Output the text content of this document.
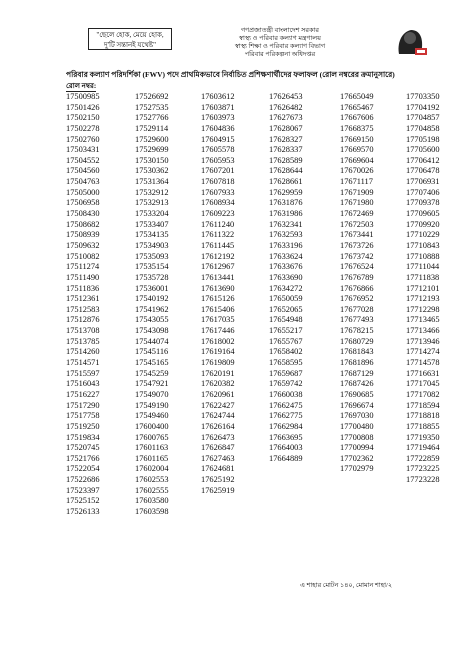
"ছেলে হোক, মেয়ে হোক,
দু'টি সন্তানই যথেষ্ট"
গণপ্রজাতন্ত্রী বাংলাদেশ সরকার
স্বাস্থ্য ও পরিবার কল্যাণ মন্ত্রণালয়
স্বাস্থ্য শিক্ষা ও পরিবার কল্যাণ বিভাগ
পরিবার পরিকল্পনা অধিদপ্তর
পরিবার কল্যাণ পরিদর্শিকা (FWV) পদে প্রাথমিকভাবে নির্বাচিত প্রশিক্ষণার্থীদের ফলাফল (রোল নম্বরের ক্রমানুসারে)
রোল নম্বর:
17500985
17501426
17502150
17502278
17502760
17503431
17504552
17504560
17504763
17505000
17506958
17508430
17508682
17508939
17509632
17510082
17511274
17511490
17511836
17512361
17512583
17512876
17513708
17513785
17514260
17514571
17515597
17516043
17516227
17517290
17517758
17519250
17519834
17520745
17521766
17522054
17522686
17523397
17525152
17526133
17526692
17527535
17527766
17529114
17529600
17529699
17530150
17530362
17531364
17532912
17532913
17533204
17533407
17534135
17534903
17535093
17535154
17535728
17536001
17540192
17541962
17543055
17543098
17544074
17545116
17545165
17545259
17547921
17549070
17549190
17549460
17600400
17600765
17601163
17601165
17602004
17602553
17602555
17603580
17603598
17603612
17603871
17603973
17604836
17604915
17605578
17605953
17607201
17607818
17607933
17608934
17609223
17611240
17611322
17611445
17612192
17612967
17613441
17613690
17615126
17615406
17617035
17617446
17618002
17619164
17619809
17620191
17620382
17620961
17622427
17624744
17626164
17626473
17626847
17627463
17624681
17625192
17625919
17626453
17626482
17627673
17628067
17628327
17628337
17628589
17628644
17628661
17629959
17631876
17631986
17632341
17632593
17633196
17633624
17633676
17633690
17634272
17650059
17652065
17654948
17655217
17655767
17658402
17658595
17659687
17659742
17660038
17662475
17662775
17662984
17663695
17664003
17664889
17665049
17665467
17667606
17668375
17669150
17669570
17669604
17670026
17671117
17671909
17671980
17672469
17672503
17673441
17673726
17673742
17676524
17676789
17676866
17676952
17677028
17677493
17678215
17680729
17681843
17681896
17687129
17687426
17690685
17696674
17697030
17700480
17700808
17700994
17702362
17702979
17703350
17704192
17704857
17704858
17705198
17705600
17706412
17706478
17706931
17707406
17709378
17709605
17709920
17710229
17710843
17710888
17711044
17711838
17712101
17712193
17712298
17713465
17713466
17713946
17714274
17714578
17716631
17717045
17717082
17718594
17718818
17718855
17719350
17719464
17722859
17723225
17723228
এ শাহার মোটন ১৪০, মোমান শাহা/২
